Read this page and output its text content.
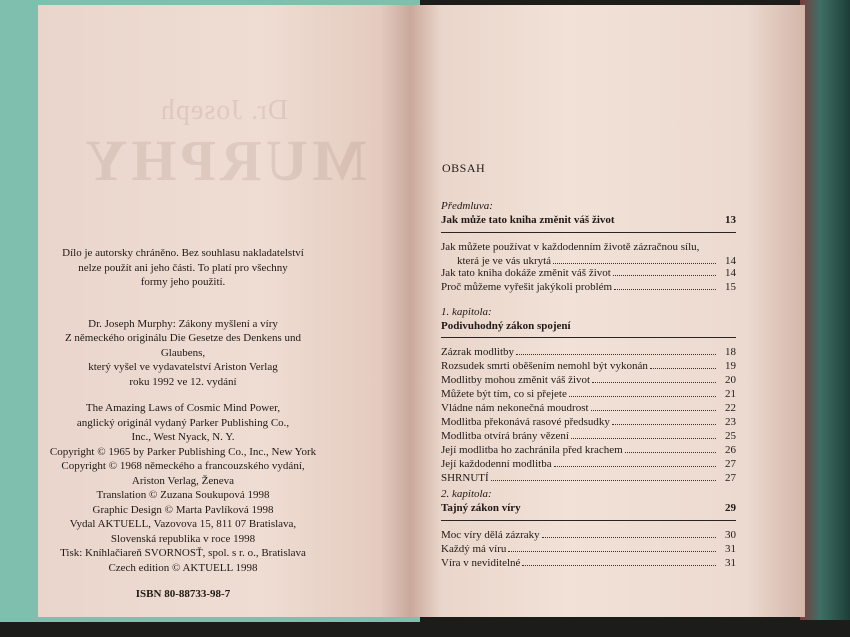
Dr. Joseph
MURPHY

Dílo je autorsky chráněno. Bez souhlasu nakladatelství

nelze použít ani jeho části. To platí pro všechny

formy jeho použití.

Dr. Joseph Murphy: Zákony myšlení a víry

Z německého originálu Die Gesetze des Denkens und Glaubens,

který vyšel ve vydavatelství Ariston Verlag

roku 1992 ve 12. vydání

The Amazing Laws of Cosmic Mind Power,

anglický originál vydaný Parker Publishing Co.,

Inc., West Nyack, N. Y.

Copyright © 1965 by Parker Publishing Co., Inc., New York

Copyright © 1968 německého a francouzského vydání,

Ariston Verlag, Ženeva

Translation © Zuzana Soukupová 1998

Graphic Design © Marta Pavlíková 1998

Vydal AKTUELL, Vazovova 15, 811 07 Bratislava,

Slovenská republika v roce 1998

Tisk: Kníhlačiareň SVORNOSŤ, spol. s r. o., Bratislava

Czech edition © AKTUELL 1998

ISBN 80-88733-98-7

OBSAH
Předmluva:
Jak může tato kniha změnit váš život	13
Jak můžete používat v každodenním životě zázračnou sílu,
která je ve vás ukrytá	14
Jak tato kniha dokáže změnit váš život	14
Proč můžeme vyřešit jakýkoli problém	15
1. kapitola:
Podivuhodný zákon spojení
Zázrak modlitby	18
Rozsudek smrti oběšením nemohl být vykonán	19
Modlitby mohou změnit váš život	20
Můžete být tím, co si přejete	21
Vládne nám nekonečná moudrost	22
Modlitba překonává rasové předsudky	23
Modlitba otvírá brány vězení	25
Její modlitba ho zachránila před krachem	26
Její každodenní modlitba	27
SHRNUTÍ	27
2. kapitola:
Tajný zákon víry	29
Moc víry dělá zázraky	30
Každý má víru	31
Víra v neviditelné	31
